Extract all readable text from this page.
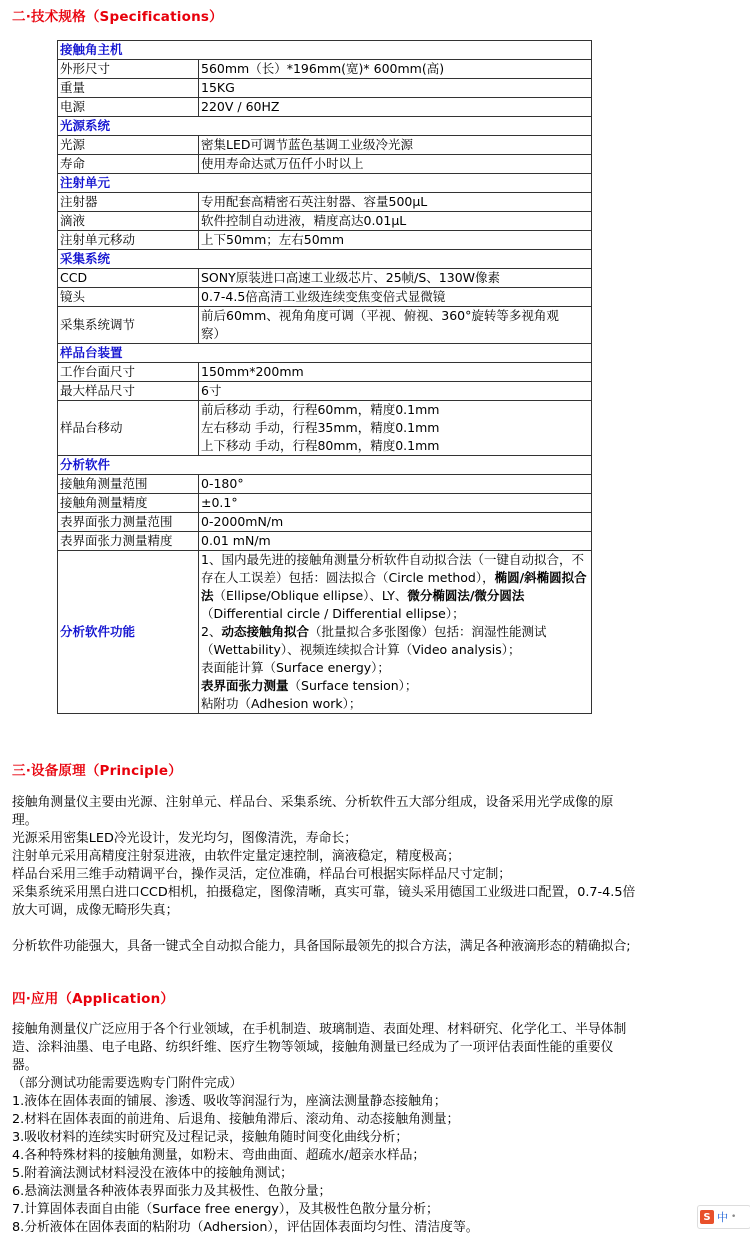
二·技术规格（Specifications）
接触角主机	
外形尺寸	560mm（长）*196mm(宽)* 600mm(高)
重量	15KG
电源	220V / 60HZ
光源系统	
光源	密集LED可调节蓝色基调工业级冷光源
寿命	使用寿命达贰万伍仟小时以上
注射单元	
注射器	专用配套高精密石英注射器、容量500μL
滴液	软件控制自动进液，精度高达0.01μL
注射单元移动	上下50mm；左右50mm
采集系统	
CCD	SONY原装进口高速工业级芯片、25帧/S、130W像素
镜头	0.7-4.5倍高清工业级连续变焦变倍式显微镜
采集系统调节	前后60mm、视角角度可调（平视、俯视、360°旋转等多视角观察）
样品台装置	
工作台面尺寸	150mm*200mm
最大样品尺寸	6寸
样品台移动	前后移动 手动，行程60mm，精度0.1mm
左右移动 手动，行程35mm，精度0.1mm
上下移动 手动，行程80mm，精度0.1mm

分析软件	
接触角测量范围	0-180°
接触角测量精度	±0.1°
表界面张力测量范围	0-2000mN/m
表界面张力测量精度	0.01 mN/m
分析软件功能	1、国内最先进的接触角测量分析软件自动拟合法（一键自动拟合，不存在人工误差）包括：圆法拟合（Circle method），椭圆/斜椭圆拟合法（Ellipse/Oblique ellipse）、LY、微分椭圆法/微分圆法（Differential circle / Differential ellipse）；
2、动态接触角拟合（批量拟合多张图像）包括：润湿性能测试（Wettability）、视频连续拟合计算（Video analysis）；
表面能计算（Surface energy）；
表界面张力测量（Surface tension）；
粘附功（Adhesion work）；
三·设备原理（Principle）

接触角测量仪主要由光源、注射单元、样品台、采集系统、分析软件五大部分组成，设备采用光学成像的原理。

光源采用密集LED冷光设计，发光均匀，图像清洗，寿命长；

注射单元采用高精度注射泵进液，由软件定量定速控制，滴液稳定，精度极高；

样品台采用三维手动精调平台，操作灵活，定位准确，样品台可根据实际样品尺寸定制；

采集系统采用黑白进口CCD相机，拍摄稳定，图像清晰，真实可靠，镜头采用德国工业级进口配置，0.7-4.5倍放大可调，成像无畸形失真；

分析软件功能强大，具备一键式全自动拟合能力，具备国际最领先的拟合方法，满足各种液滴形态的精确拟合;

四·应用（Application）

接触角测量仪广泛应用于各个行业领域，在手机制造、玻璃制造、表面处理、材料研究、化学化工、半导体制造、涂料油墨、电子电路、纺织纤维、医疗生物等领域，接触角测量已经成为了一项评估表面性能的重要仪器。

（部分测试功能需要选购专门附件完成）

1.液体在固体表面的铺展、渗透、吸收等润湿行为，座滴法测量静态接触角；

2.材料在固体表面的前进角、后退角、接触角滞后、滚动角、动态接触角测量；

3.吸收材料的连续实时研究及过程记录，接触角随时间变化曲线分析；

4.各种特殊材料的接触角测量，如粉末、弯曲曲面、超疏水/超亲水样品；

5.附着滴法测试材料浸没在液体中的接触角测试；

6.悬滴法测量各种液体表界面张力及其极性、色散分量；

7.计算固体表面自由能（Surface free energy），及其极性色散分量分析；

8.分析液体在固体表面的粘附功（Adhersion），评估固体表面均匀性、清洁度等。

S 中 •
